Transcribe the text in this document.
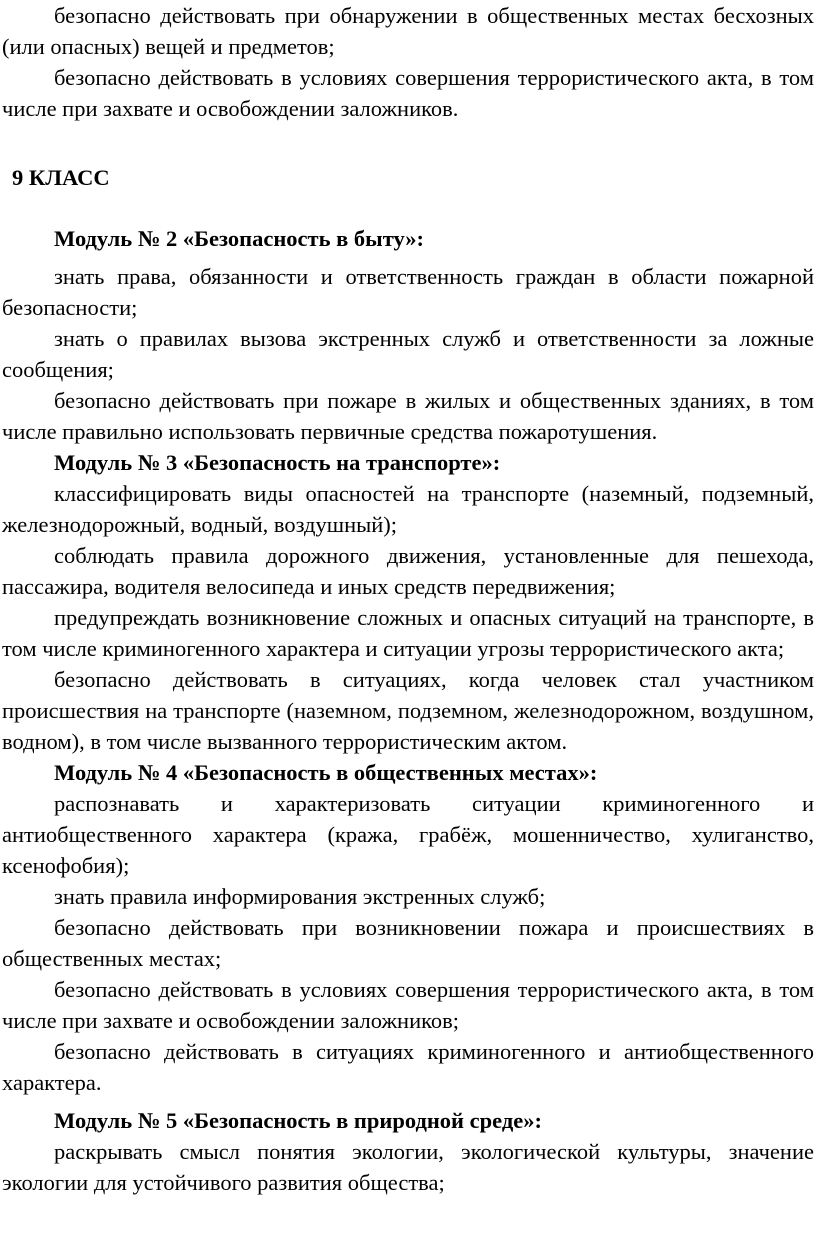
безопасно действовать при обнаружении в общественных местах бесхозных (или опасных) вещей и предметов;

безопасно действовать в условиях совершения террористического акта, в том числе при захвате и освобождении заложников.

9 КЛАСС

Модуль № 2 «Безопасность в быту»:

знать права, обязанности и ответственность граждан в области пожарной безопасности;

знать о правилах вызова экстренных служб и ответственности за ложные сообщения;

безопасно действовать при пожаре в жилых и общественных зданиях, в том числе правильно использовать первичные средства пожаротушения.

Модуль № 3 «Безопасность на транспорте»:

классифицировать виды опасностей на транспорте (наземный, подземный, железнодорожный, водный, воздушный);

соблюдать правила дорожного движения, установленные для пешехода, пассажира, водителя велосипеда и иных средств передвижения;

предупреждать возникновение сложных и опасных ситуаций на транспорте, в том числе криминогенного характера и ситуации угрозы террористического акта;

безопасно действовать в ситуациях, когда человек стал участником происшествия на транспорте (наземном, подземном, железнодорожном, воздушном, водном), в том числе вызванного террористическим актом.

Модуль № 4 «Безопасность в общественных местах»:

распознавать и характеризовать ситуации криминогенного и антиобщественного характера (кража, грабёж, мошенничество, хулиганство, ксенофобия);

знать правила информирования экстренных служб;

безопасно действовать при возникновении пожара и происшествиях в общественных местах;

безопасно действовать в условиях совершения террористического акта, в том числе при захвате и освобождении заложников;

безопасно действовать в ситуациях криминогенного и антиобщественного характера.

Модуль № 5 «Безопасность в природной среде»:

раскрывать смысл понятия экологии, экологической культуры, значение экологии для устойчивого развития общества;
